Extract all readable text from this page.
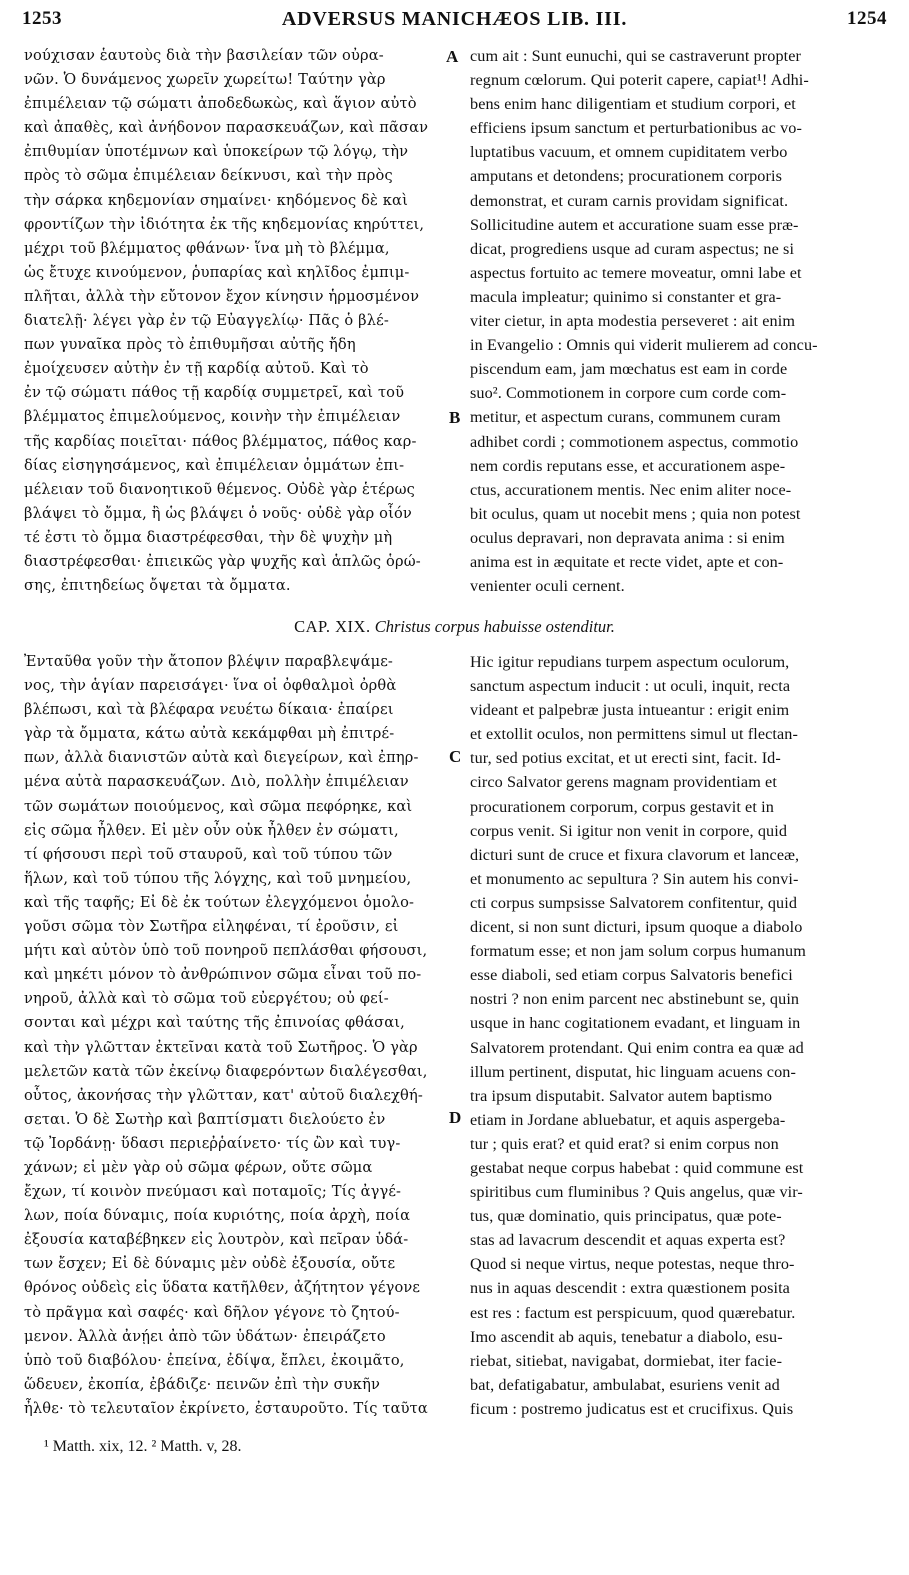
1253	ADVERSUS MANICHÆOS LIB. III.	1254
νούχισαν ἑαυτοὺς διὰ τὴν βασιλείαν τῶν οὐρα-
νῶν. Ὁ δυνάμενος χωρεῖν χωρείτω! Ταύτην γὰρ
ἐπιμέλειαν τῷ σώματι ἀποδεδωκὼς, καὶ ἅγιον αὐτὸ
καὶ ἀπαθὲς, καὶ ἀνήδονον παρασκευάζων, καὶ πᾶσαν
ἐπιθυμίαν ὑποτέμνων καὶ ὑποκείρων τῷ λόγῳ, τὴν
πρὸς τὸ σῶμα ἐπιμέλειαν δείκνυσι, καὶ τὴν πρὸς
τὴν σάρκα κηδεμονίαν σημαίνει· κηδόμενος δὲ καὶ
φροντίζων τὴν ἰδιότητα ἐκ τῆς κηδεμονίας κηρύττει,
μέχρι τοῦ βλέμματος φθάνων· ἵνα μὴ τὸ βλέμμα,
ὡς ἔτυχε κινούμενον, ῥυπαρίας καὶ κηλῖδος ἐμπιμ-
πλῆται, ἀλλὰ τὴν εὔτονον ἔχον κίνησιν ἡρμοσμένον
διατελῇ· λέγει γὰρ ἐν τῷ Εὐαγγελίῳ· Πᾶς ὁ βλέ-
πων γυναῖκα πρὸς τὸ ἐπιθυμῆσαι αὐτῆς ἤδη
ἐμοίχευσεν αὐτὴν ἐν τῇ καρδίᾳ αὐτοῦ. Καὶ τὸ
ἐν τῷ σώματι πάθος τῇ καρδίᾳ συμμετρεῖ, καὶ τοῦ
βλέμματος ἐπιμελούμενος, κοινὴν τὴν ἐπιμέλειαν
τῆς καρδίας ποιεῖται· πάθος βλέμματος, πάθος καρ-
δίας εἰσηγησάμενος, καὶ ἐπιμέλειαν ὀμμάτων ἐπι-
μέλειαν τοῦ διανοητικοῦ θέμενος. Οὐδὲ γὰρ ἑτέρως
βλάψει τὸ ὄμμα, ἢ ὡς βλάψει ὁ νοῦς· οὐδὲ γὰρ οἷόν
τέ ἐστι τὸ ὄμμα διαστρέφεσθαι, τὴν δὲ ψυχὴν μὴ
διαστρέφεσθαι· ἐπιεικῶς γὰρ ψυχῆς καὶ ἁπλῶς ὁρώ-
σης, ἐπιτηδείως ὄψεται τὰ ὄμματα.
cum ait : Sunt eunuchi, qui se castraverunt propter
regnum cœlorum. Qui poterit capere, capiat¹! Adhi-
bens enim hanc diligentiam et studium corpori, et
efficiens ipsum sanctum et perturbationibus ac vo-
luptatibus vacuum, et omnem cupiditatem verbo
amputans et detondens; procurationem corporis
demonstrat, et curam carnis providam significat.
Sollicitudine autem et accuratione suam esse præ-
dicat, progrediens usque ad curam aspectus; ne si
aspectus fortuito ac temere moveatur, omni labe et
macula impleatur; quinimo si constanter et gra-
viter cietur, in apta modestia perseveret : ait enim
in Evangelio : Omnis qui viderit mulierem ad concu-
piscendum eam, jam mœchatus est eam in corde
suo². Commotionem in corpore cum corde com-
metitur, et aspectum curans, communem curam
adhibet cordi ; commotionem aspectus, commotio
nem cordis reputans esse, et accurationem aspe-
ctus, accurationem mentis. Nec enim aliter noce-
bit oculus, quam ut nocebit mens ; quia non potest
oculus depravari, non depravata anima : si enim
anima est in æquitate et recte videt, apte et con-
venienter oculi cernent.
A
B
CAP. XIX. Christus corpus habuisse ostenditur.
Ἐνταῦθα γοῦν τὴν ἄτοπον βλέψιν παραβλεψάμε-
νος, τὴν ἁγίαν παρεισάγει· ἵνα οἱ ὀφθαλμοὶ ὀρθὰ
βλέπωσι, καὶ τὰ βλέφαρα νευέτω δίκαια· ἐπαίρει
γὰρ τὰ ὄμματα, κάτω αὐτὰ κεκάμφθαι μὴ ἐπιτρέ-
πων, ἀλλὰ διανιστῶν αὐτὰ καὶ διεγείρων, καὶ ἐπηρ-
μένα αὐτὰ παρασκευάζων. Διὸ, πολλὴν ἐπιμέλειαν
τῶν σωμάτων ποιούμενος, καὶ σῶμα πεφόρηκε, καὶ
εἰς σῶμα ἦλθεν. Εἰ μὲν οὖν οὐκ ἦλθεν ἐν σώματι,
τί φήσουσι περὶ τοῦ σταυροῦ, καὶ τοῦ τύπου τῶν
ἥλων, καὶ τοῦ τύπου τῆς λόγχης, καὶ τοῦ μνημείου,
καὶ τῆς ταφῆς; Εἰ δὲ ἐκ τούτων ἐλεγχόμενοι ὁμολο-
γοῦσι σῶμα τὸν Σωτῆρα εἰληφέναι, τί ἐροῦσιν, εἰ
μήτι καὶ αὐτὸν ὑπὸ τοῦ πονηροῦ πεπλάσθαι φήσουσι,
καὶ μηκέτι μόνον τὸ ἀνθρώπινον σῶμα εἶναι τοῦ πο-
νηροῦ, ἀλλὰ καὶ τὸ σῶμα τοῦ εὐεργέτου; οὐ φεί-
σονται καὶ μέχρι καὶ ταύτης τῆς ἐπινοίας φθάσαι,
καὶ τὴν γλῶτταν ἐκτεῖναι κατὰ τοῦ Σωτῆρος. Ὁ γὰρ
μελετῶν κατὰ τῶν ἐκείνῳ διαφερόντων διαλέγεσθαι,
οὗτος, ἀκονήσας τὴν γλῶτταν, κατ' αὐτοῦ διαλεχθή-
σεται. Ὁ δὲ Σωτὴρ καὶ βαπτίσματι διελούετο ἐν
τῷ Ἰορδάνῃ· ὕδασι περιεῤῥαίνετο· τίς ὢν καὶ τυγ-
χάνων; εἰ μὲν γὰρ οὐ σῶμα φέρων, οὔτε σῶμα
ἔχων, τί κοινὸν πνεύμασι καὶ ποταμοῖς; Τίς ἀγγέ-
λων, ποία δύναμις, ποία κυριότης, ποία ἀρχὴ, ποία
ἐξουσία καταβέβηκεν εἰς λουτρὸν, καὶ πεῖραν ὑδά-
των ἔσχεν; Εἰ δὲ δύναμις μὲν οὐδὲ ἐξουσία, οὔτε
θρόνος οὐδεὶς εἰς ὕδατα κατῆλθεν, ἀζήτητον γέγονε
τὸ πρᾶγμα καὶ σαφές· καὶ δῆλον γέγονε τὸ ζητού-
μενον. Ἀλλὰ ἀνῄει ἀπὸ τῶν ὑδάτων· ἐπειράζετο
ὑπὸ τοῦ διαβόλου· ἐπείνα, ἐδίψα, ἔπλει, ἐκοιμᾶτο,
ὥδευεν, ἐκοπία, ἐβάδιζε· πεινῶν ἐπὶ τὴν συκῆν
ἦλθε· τὸ τελευταῖον ἐκρίνετο, ἐσταυροῦτο. Τίς ταῦτα
Hic igitur repudians turpem aspectum oculorum,
sanctum aspectum inducit : ut oculi, inquit, recta
videant et palpebræ justa intueantur : erigit enim
et extollit oculos, non permittens simul ut flectan-
tur, sed potius excitat, et ut erecti sint, facit. Id-
circo Salvator gerens magnam providentiam et
procurationem corporum, corpus gestavit et in
corpus venit. Si igitur non venit in corpore, quid
dicturi sunt de cruce et fixura clavorum et lanceæ,
et monumento ac sepultura ? Sin autem his convi-
cti corpus sumpsisse Salvatorem confitentur, quid
dicent, si non sunt dicturi, ipsum quoque a diabolo
formatum esse; et non jam solum corpus humanum
esse diaboli, sed etiam corpus Salvatoris benefici
nostri ? non enim parcent nec abstinebunt se, quin
usque in hanc cogitationem evadant, et linguam in
Salvatorem protendant. Qui enim contra ea quæ ad
illum pertinent, disputat, hic linguam acuens con-
tra ipsum disputabit. Salvator autem baptismo
etiam in Jordane abluebatur, et aquis aspergeba-
tur ; quis erat? et quid erat? si enim corpus non
gestabat neque corpus habebat : quid commune est
spiritibus cum fluminibus ? Quis angelus, quæ vir-
tus, quæ dominatio, quis principatus, quæ pote-
stas ad lavacrum descendit et aquas experta est?
Quod si neque virtus, neque potestas, neque thro-
nus in aquas descendit : extra quæstionem posita
est res : factum est perspicuum, quod quærebatur.
Imo ascendit ab aquis, tenebatur a diabolo, esu-
riebat, sitiebat, navigabat, dormiebat, iter facie-
bat, defatigabatur, ambulabat, esuriens venit ad
ficum : postremo judicatus est et crucifixus. Quis
C
D
¹ Matth. xix, 12. ² Matth. v, 28.
